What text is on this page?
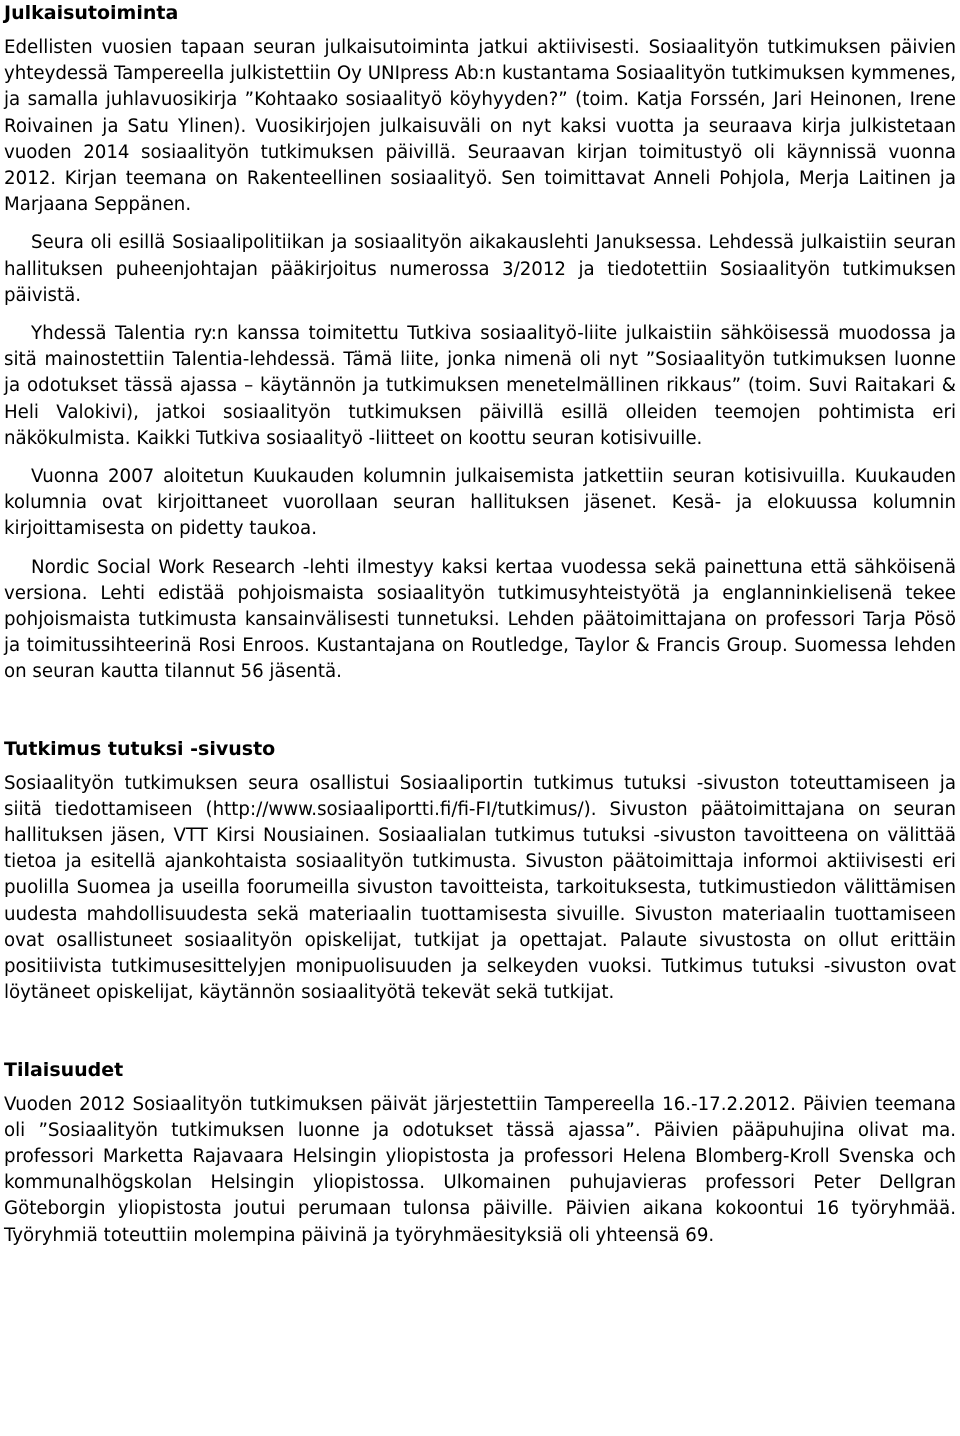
Julkaisutoiminta

Edellisten vuosien tapaan seuran julkaisutoiminta jatkui aktiivisesti. Sosiaalityön tutkimuksen päivien yhteydessä Tampereella julkistettiin Oy UNIpress Ab:n kustantama Sosiaalityön tutkimuksen kymmenes, ja samalla juhlavuosikirja ”Kohtaako sosiaalityö köyhyyden?” (toim. Katja Forssén, Jari Heinonen, Irene Roivainen ja Satu Ylinen). Vuosikirjojen julkaisuväli on nyt kaksi vuotta ja seuraava kirja julkistetaan vuoden 2014 sosiaalityön tutkimuksen päivillä. Seuraavan kirjan toimitustyö oli käynnissä vuonna 2012. Kirjan teemana on Rakenteellinen sosiaalityö. Sen toimittavat Anneli Pohjola, Merja Laitinen ja Marjaana Seppänen.

Seura oli esillä Sosiaalipolitiikan ja sosiaalityön aikakauslehti Januksessa. Lehdessä julkaistiin seuran hallituksen puheenjohtajan pääkirjoitus numerossa 3/2012 ja tiedotettiin Sosiaalityön tutkimuksen päivistä.

Yhdessä Talentia ry:n kanssa toimitettu Tutkiva sosiaalityö-liite julkaistiin sähköisessä muodossa ja sitä mainostettiin Talentia-lehdessä. Tämä liite, jonka nimenä oli nyt ”Sosiaalityön tutkimuksen luonne ja odotukset tässä ajassa – käytännön ja tutkimuksen menetelmällinen rikkaus” (toim. Suvi Raitakari & Heli Valokivi), jatkoi sosiaalityön tutkimuksen päivillä esillä olleiden teemojen pohtimista eri näkökulmista. Kaikki Tutkiva sosiaalityö -liitteet on koottu seuran kotisivuille.

Vuonna 2007 aloitetun Kuukauden kolumnin julkaisemista jatkettiin seuran kotisivuilla. Kuukauden kolumnia ovat kirjoittaneet vuorollaan seuran hallituksen jäsenet. Kesä- ja elokuussa kolumnin kirjoittamisesta on pidetty taukoa.

Nordic Social Work Research -lehti ilmestyy kaksi kertaa vuodessa sekä painettuna että sähköisenä versiona. Lehti edistää pohjoismaista sosiaalityön tutkimusyhteistyötä ja englanninkielisenä tekee pohjoismaista tutkimusta kansainvälisesti tunnetuksi. Lehden päätoimittajana on professori Tarja Pösö ja toimitussihteerinä Rosi Enroos. Kustantajana on Routledge, Taylor & Francis Group. Suomessa lehden on seuran kautta tilannut 56 jäsentä.

Tutkimus tutuksi -sivusto

Sosiaalityön tutkimuksen seura osallistui Sosiaaliportin tutkimus tutuksi -sivuston toteuttamiseen ja siitä tiedottamiseen (http://www.sosiaaliportti.fi/fi-FI/tutkimus/). Sivuston päätoimittajana on seuran hallituksen jäsen, VTT Kirsi Nousiainen. Sosiaalialan tutkimus tutuksi -sivuston tavoitteena on välittää tietoa ja esitellä ajankohtaista sosiaalityön tutkimusta. Sivuston päätoimittaja informoi aktiivisesti eri puolilla Suomea ja useilla foorumeilla sivuston tavoitteista, tarkoituksesta, tutkimustiedon välittämisen uudesta mahdollisuudesta sekä materiaalin tuottamisesta sivuille. Sivuston materiaalin tuottamiseen ovat osallistuneet sosiaalityön opiskelijat, tutkijat ja opettajat. Palaute sivustosta on ollut erittäin positiivista tutkimusesittelyjen monipuolisuuden ja selkeyden vuoksi. Tutkimus tutuksi -sivuston ovat löytäneet opiskelijat, käytännön sosiaalityötä tekevät sekä tutkijat.

Tilaisuudet

Vuoden 2012 Sosiaalityön tutkimuksen päivät järjestettiin Tampereella 16.-17.2.2012. Päivien teemana oli ”Sosiaalityön tutkimuksen luonne ja odotukset tässä ajassa”. Päivien pääpuhujina olivat ma. professori Marketta Rajavaara Helsingin yliopistosta ja professori Helena Blomberg-Kroll Svenska och kommunalhögskolan Helsingin yliopistossa. Ulkomainen puhujavieras professori Peter Dellgran Göteborgin yliopistosta joutui perumaan tulonsa päiville. Päivien aikana kokoontui 16 työryhmää. Työryhmiä toteuttiin molempina päivinä ja työryhmäesityksiä oli yhteensä 69.
